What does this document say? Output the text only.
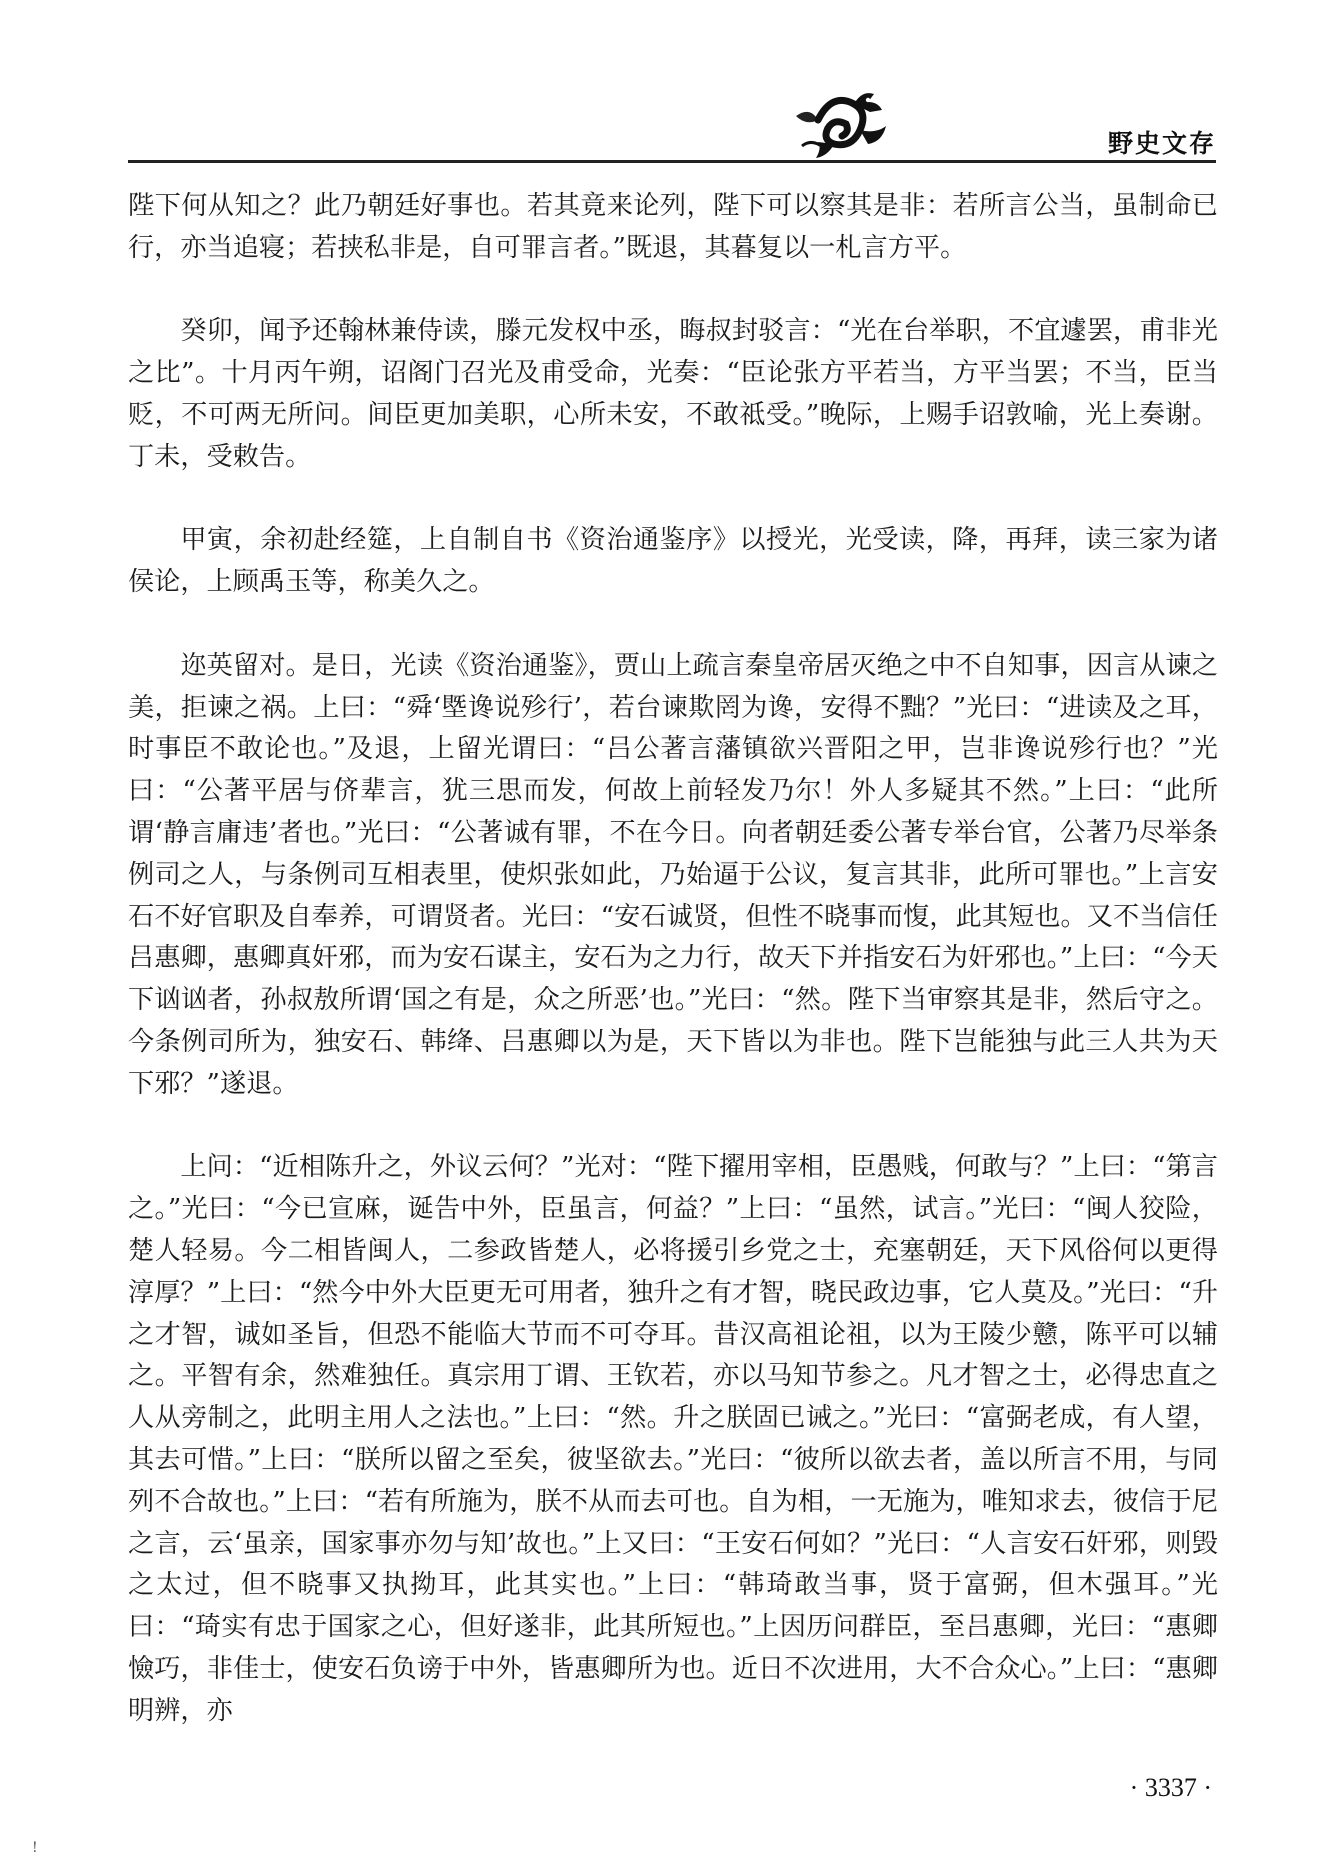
野史文存

陛下何从知之？此乃朝廷好事也。若其竟来论列，陛下可以察其是非：若所言公当，虽制命已行，亦当追寝；若挟私非是，自可罪言者。”既退，其暮复以一札言方平。

癸卯，闻予还翰林兼侍读，滕元发权中丞，晦叔封驳言：“光在台举职，不宜遽罢，甫非光之比”。十月丙午朔，诏阁门召光及甫受命，光奏：“臣论张方平若当，方平当罢；不当，臣当贬，不可两无所问。间臣更加美职，心所未安，不敢祗受。”晚际，上赐手诏敦喻，光上奏谢。丁未，受敕告。

甲寅，余初赴经筵，上自制自书《资治通鉴序》以授光，光受读，降，再拜，读三家为诸侯论，上顾禹玉等，称美久之。

迩英留对。是日，光读《资治通鉴》，贾山上疏言秦皇帝居灭绝之中不自知事，因言从谏之美，拒谏之祸。上曰：“舜‘塈谗说殄行’，若台谏欺罔为谗，安得不黜？”光曰：“进读及之耳，时事臣不敢论也。”及退，上留光谓曰：“吕公著言藩镇欲兴晋阳之甲，岂非谗说殄行也？”光曰：“公著平居与侪辈言，犹三思而发，何故上前轻发乃尔！外人多疑其不然。”上曰：“此所谓‘静言庸违’者也。”光曰：“公著诚有罪，不在今日。向者朝廷委公著专举台官，公著乃尽举条例司之人，与条例司互相表里，使炽张如此，乃始逼于公议，复言其非，此所可罪也。”上言安石不好官职及自奉养，可谓贤者。光曰：“安石诚贤，但性不晓事而愎，此其短也。又不当信任吕惠卿，惠卿真奸邪，而为安石谋主，安石为之力行，故天下并指安石为奸邪也。”上曰：“今天下讻讻者，孙叔敖所谓‘国之有是，众之所恶’也。”光曰：“然。陛下当审察其是非，然后守之。今条例司所为，独安石、韩绛、吕惠卿以为是，天下皆以为非也。陛下岂能独与此三人共为天下邪？”遂退。

上问：“近相陈升之，外议云何？”光对：“陛下擢用宰相，臣愚贱，何敢与？”上曰：“第言之。”光曰：“今已宣麻，诞告中外，臣虽言，何益？”上曰：“虽然，试言。”光曰：“闽人狡险，楚人轻易。今二相皆闽人，二参政皆楚人，必将援引乡党之士，充塞朝廷，天下风俗何以更得淳厚？”上曰：“然今中外大臣更无可用者，独升之有才智，晓民政边事，它人莫及。”光曰：“升之才智，诚如圣旨，但恐不能临大节而不可夺耳。昔汉高祖论祖，以为王陵少戆，陈平可以辅之。平智有余，然难独任。真宗用丁谓、王钦若，亦以马知节参之。凡才智之士，必得忠直之人从旁制之，此明主用人之法也。”上曰：“然。升之朕固已诫之。”光曰：“富弼老成，有人望，其去可惜。”上曰：“朕所以留之至矣，彼坚欲去。”光曰：“彼所以欲去者，盖以所言不用，与同列不合故也。”上曰：“若有所施为，朕不从而去可也。自为相，一无施为，唯知求去，彼信于尼之言，云‘虽亲，国家事亦勿与知’故也。”上又曰：“王安石何如？”光曰：“人言安石奸邪，则毁之太过，但不晓事又执拗耳，此其实也。”上曰：“韩琦敢当事，贤于富弼，但木强耳。”光曰：“琦实有忠于国家之心，但好遂非，此其所短也。”上因历问群臣，至吕惠卿，光曰：“惠卿憸巧，非佳士，使安石负谤于中外，皆惠卿所为也。近日不次进用，大不合众心。”上曰：“惠卿明辨，亦

· 3337 ·
!
